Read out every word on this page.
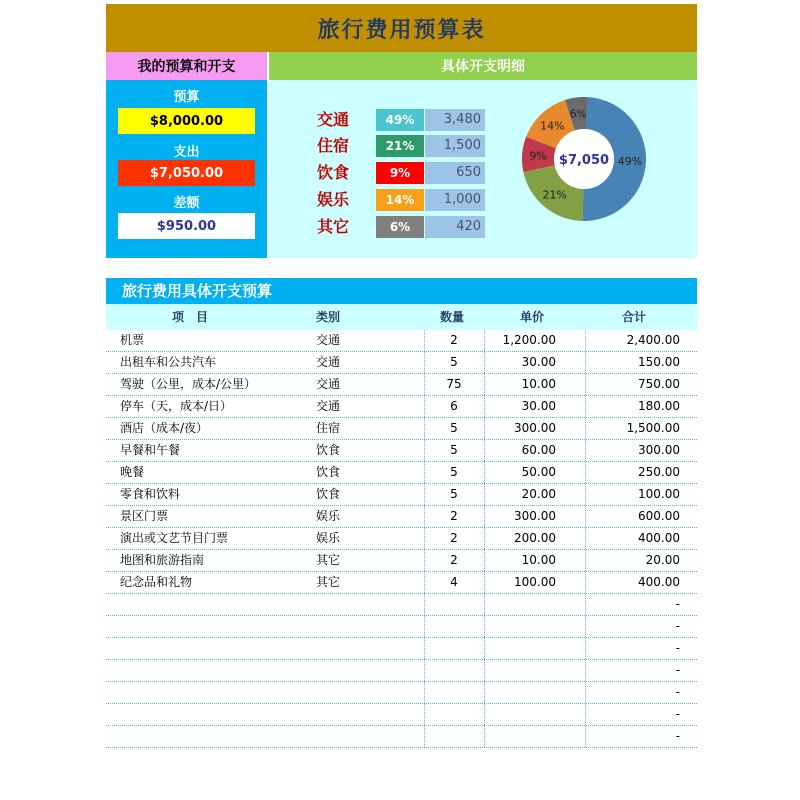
旅行费用预算表
我的预算和开支	具体开支明细
预算
$8,000.00
支出
$7,050.00
差额
$950.00
交通	49%	3,480
住宿	21%	1,500
饮食	9%	650
娱乐	14%	1,000
其它	6%	420
49%
21%
9%
14%
6%
$7,050
旅行费用具体开支预算
项　目	类别	数量	单价	合计
机票	交通	2	1,200.00	2,400.00
出租车和公共汽车	交通	5	30.00	150.00
驾驶（公里，成本/公里）	交通	75	10.00	750.00
停车（天，成本/日）	交通	6	30.00	180.00
酒店（成本/夜）	住宿	5	300.00	1,500.00
早餐和午餐	饮食	5	60.00	300.00
晚餐	饮食	5	50.00	250.00
零食和饮料	饮食	5	20.00	100.00
景区门票	娱乐	2	300.00	600.00
演出或文艺节目门票	娱乐	2	200.00	400.00
地图和旅游指南	其它	2	10.00	20.00
纪念品和礼物	其它	4	100.00	400.00
-
-
-
-
-
-
-
